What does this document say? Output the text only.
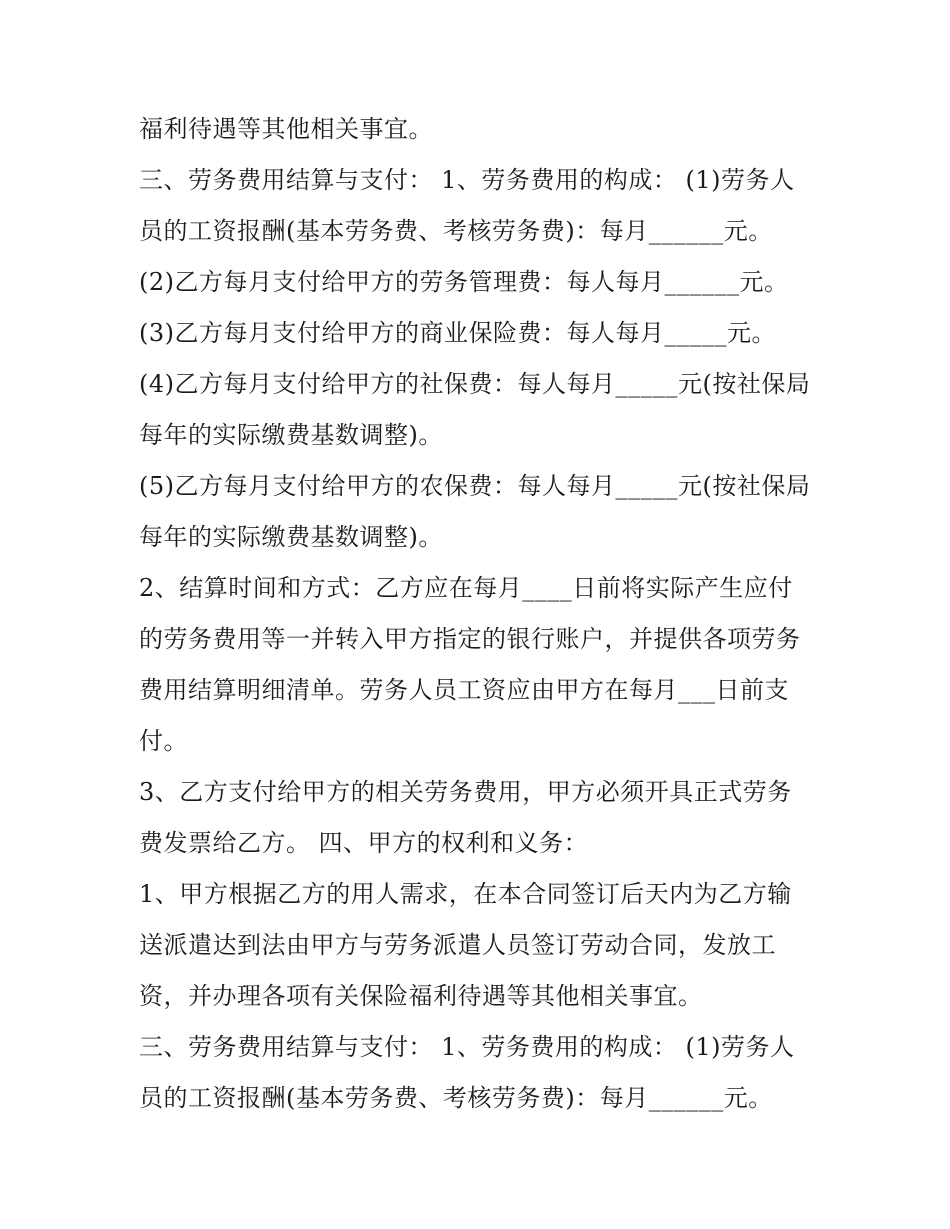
福利待遇等其他相关事宜。
三、劳务费用结算与支付： 1、劳务费用的构成： (1)劳务人
员的工资报酬(基本劳务费、考核劳务费)：每月______元。
(2)乙方每月支付给甲方的劳务管理费：每人每月______元。
(3)乙方每月支付给甲方的商业保险费：每人每月_____元。
(4)乙方每月支付给甲方的社保费：每人每月_____元(按社保局
每年的实际缴费基数调整)。
(5)乙方每月支付给甲方的农保费：每人每月_____元(按社保局
每年的实际缴费基数调整)。
2、结算时间和方式：乙方应在每月____日前将实际产生应付
的劳务费用等一并转入甲方指定的银行账户，并提供各项劳务
费用结算明细清单。劳务人员工资应由甲方在每月___日前支
付。
3、乙方支付给甲方的相关劳务费用，甲方必须开具正式劳务
费发票给乙方。 四、甲方的权利和义务：
1、甲方根据乙方的用人需求，在本合同签订后天内为乙方输
送派遣达到法由甲方与劳务派遣人员签订劳动合同，发放工
资，并办理各项有关保险福利待遇等其他相关事宜。
三、劳务费用结算与支付： 1、劳务费用的构成： (1)劳务人
员的工资报酬(基本劳务费、考核劳务费)：每月______元。
